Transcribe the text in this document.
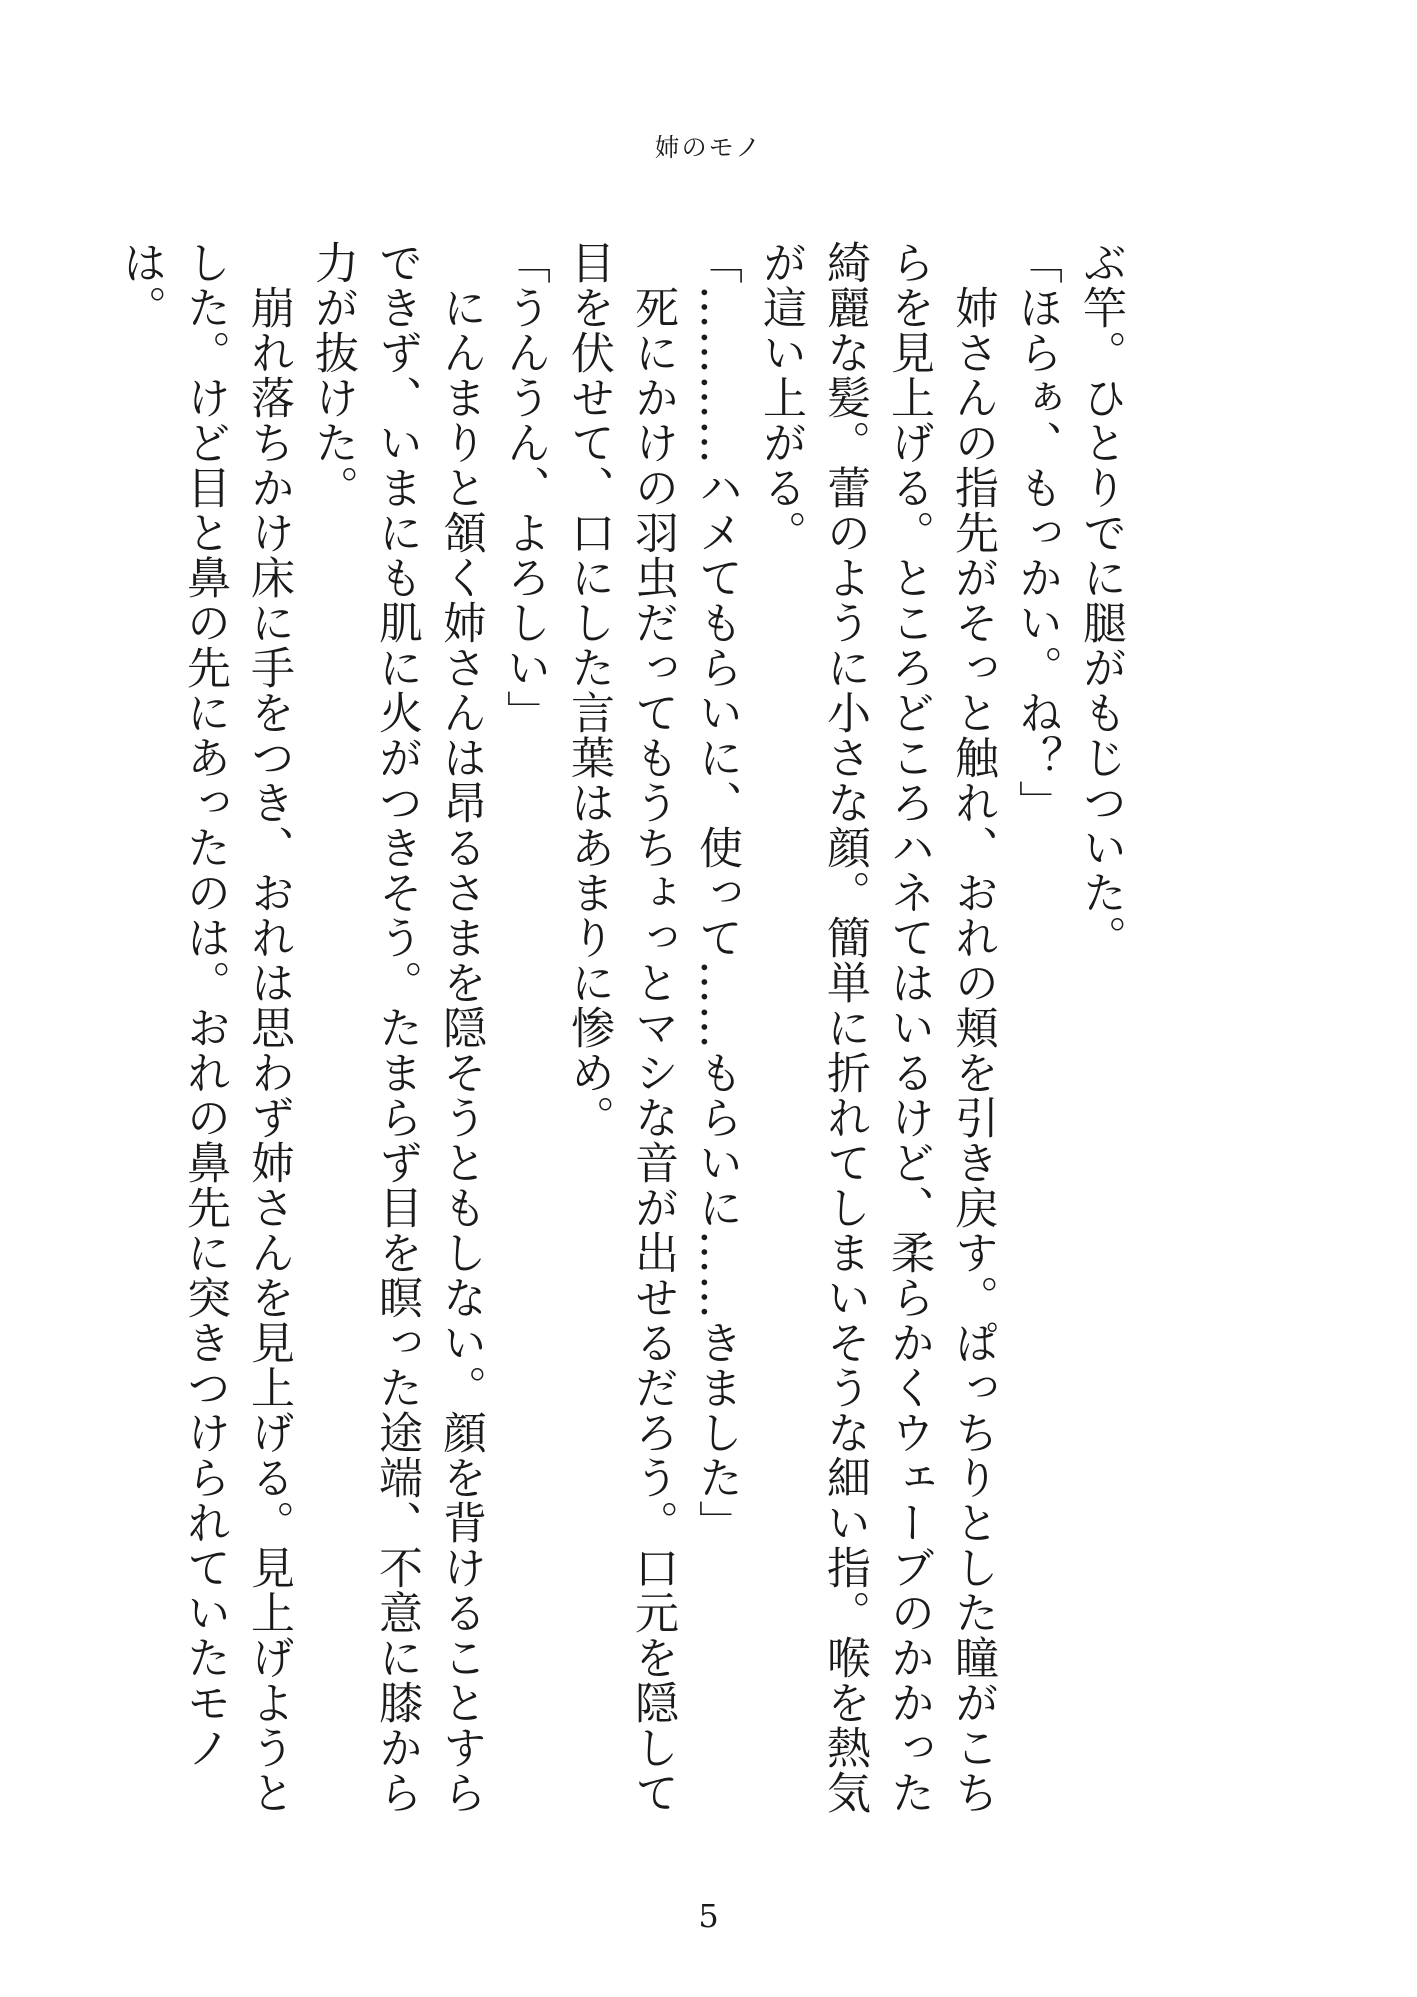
姉のモノ

ぶ竿。ひとりでに腿がもじついた。

「ほらぁ、もっかい。ね？」

　姉さんの指先がそっと触れ、おれの頬を引き戻す。ぱっちりとした瞳がこちらを見上げる。ところどころハネてはいるけど、柔らかくウェーブのかかった綺麗な髪。蕾のように小さな顔。簡単に折れてしまいそうな細い指。喉を熱気が這い上がる。

「…………ハメてもらいに、使って……もらいに……きました」

　死にかけの羽虫だってもうちょっとマシな音が出せるだろう。口元を隠して目を伏せて、口にした言葉はあまりに惨め。

「うんうん、よろしい」

　にんまりと頷く姉さんは昂るさまを隠そうともしない。顔を背けることすらできず、いまにも肌に火がつきそう。たまらず目を瞑った途端、不意に膝から力が抜けた。

　崩れ落ちかけ床に手をつき、おれは思わず姉さんを見上げる。見上げようとした。けど目と鼻の先にあったのは。おれの鼻先に突きつけられていたモノは。

5
